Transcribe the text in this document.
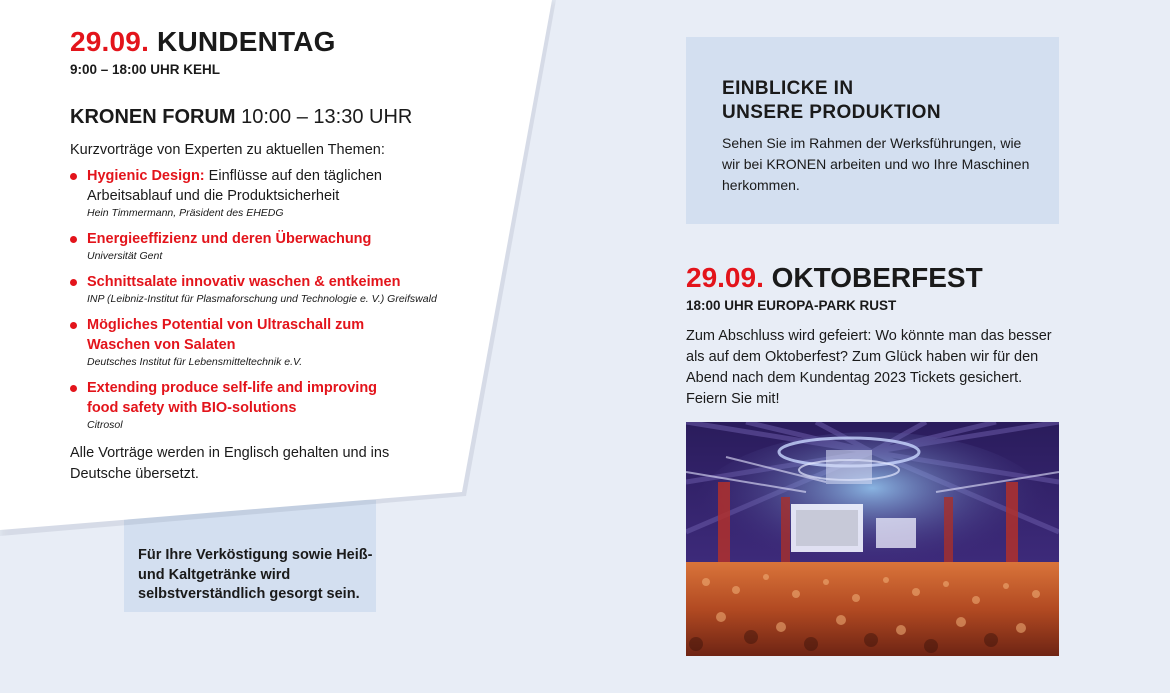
Für Ihre Verköstigung sowie Heiß- und Kaltgetränke wird selbstverständlich gesorgt sein.
29.09. KUNDENTAG
9:00 – 18:00 UHR KEHL
KRONEN FORUM 10:00 – 13:30 UHR
Kurzvorträge von Experten zu aktuellen Themen:
Hygienic Design: Einflüsse auf den täglichen Arbeitsablauf und die Produktsicherheit
Hein Timmermann, Präsident des EHEDG
Energieeffizienz und deren Überwachung
Universität Gent
Schnittsalate innovativ waschen & entkeimen
INP (Leibniz-Institut für Plasmaforschung und Technologie e. V.) Greifswald
Mögliches Potential von Ultraschall zum Waschen von Salaten
Deutsches Institut für Lebensmitteltechnik e.V.
Extending produce self-life and improving food safety with BIO-solutions
Citrosol
Alle Vorträge werden in Englisch gehalten und ins Deutsche übersetzt.
EINBLICKE IN
UNSERE PRODUKTION
Sehen Sie im Rahmen der Werksführungen, wie wir bei KRONEN arbeiten und wo Ihre Maschinen herkommen.
29.09. OKTOBERFEST
18:00 UHR EUROPA-PARK RUST
Zum Abschluss wird gefeiert: Wo könnte man das besser als auf dem Oktoberfest? Zum Glück haben wir für den Abend nach dem Kundentag 2023 Tickets gesichert. Feiern Sie mit!
